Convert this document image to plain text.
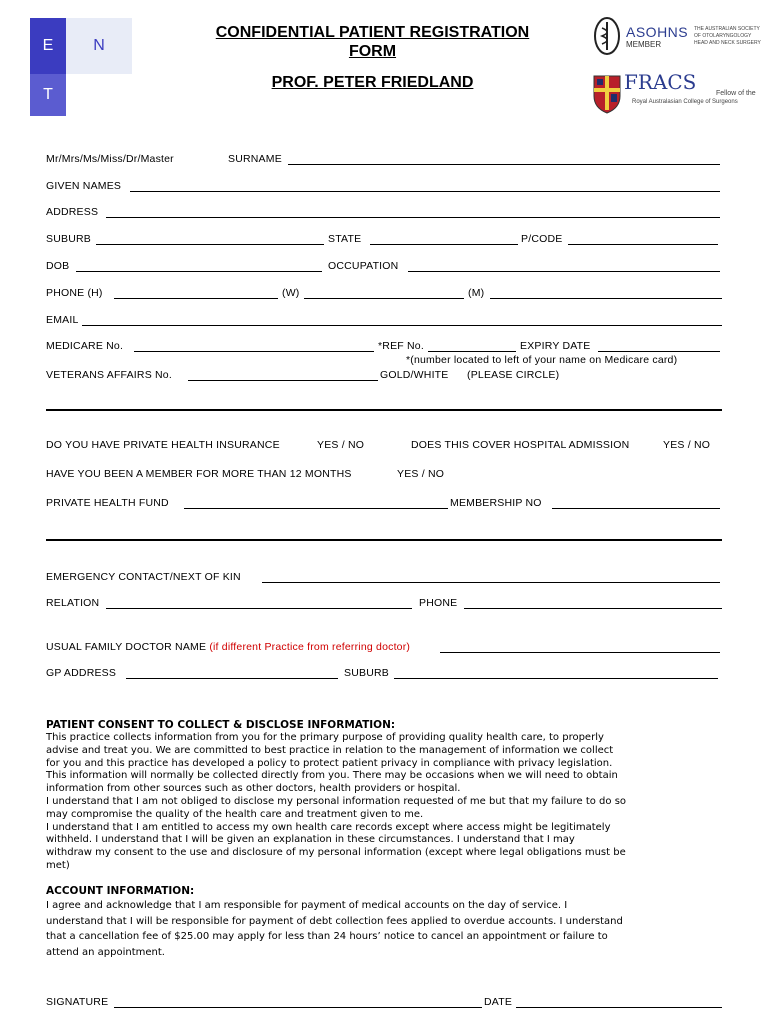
E	N
T
CONFIDENTIAL PATIENT REGISTRATION
FORM
PROF. PETER FRIEDLAND
ASOHNS
MEMBER
THE AUSTRALIAN SOCIETY
OF OTOLARYNGOLOGY
HEAD AND NECK SURGERY
FRACS	Fellow of the
Royal Australasian College of Surgeons
Mr/Mrs/Ms/Miss/Dr/Master	SURNAME
GIVEN NAMES
ADDRESS
SUBURB	STATE	P/CODE
DOB	OCCUPATION
PHONE (H)	(W)	(M)
EMAIL
MEDICARE No.	*REF No.	EXPIRY DATE
*(number located to left of your name on Medicare card)
VETERANS AFFAIRS No.	GOLD/WHITE (PLEASE CIRCLE)
DO YOU HAVE PRIVATE HEALTH INSURANCE	YES / NO	DOES THIS COVER HOSPITAL ADMISSION	YES / NO
HAVE YOU BEEN A MEMBER FOR MORE THAN 12 MONTHS	YES / NO
PRIVATE HEALTH FUND	MEMBERSHIP NO
EMERGENCY CONTACT/NEXT OF KIN
RELATION	PHONE
USUAL FAMILY DOCTOR NAME (if different Practice from referring doctor)
GP ADDRESS	SUBURB
PATIENT CONSENT TO COLLECT & DISCLOSE INFORMATION:
This practice collects information from you for the primary purpose of providing quality health care, to properly
advise and treat you. We are committed to best practice in relation to the management of information we collect
for you and this practice has developed a policy to protect patient privacy in compliance with privacy legislation.
This information will normally be collected directly from you. There may be occasions when we will need to obtain
information from other sources such as other doctors, health providers or hospital.
I understand that I am not obliged to disclose my personal information requested of me but that my failure to do so
may compromise the quality of the health care and treatment given to me.
I understand that I am entitled to access my own health care records except where access might be legitimately
withheld. I understand that I will be given an explanation in these circumstances. I understand that I may
withdraw my consent to the use and disclosure of my personal information (except where legal obligations must be
met)
ACCOUNT INFORMATION:
I agree and acknowledge that I am responsible for payment of medical accounts on the day of service. I
understand that I will be responsible for payment of debt collection fees applied to overdue accounts. I understand
that a cancellation fee of $25.00 may apply for less than 24 hours’ notice to cancel an appointment or failure to
attend an appointment.
SIGNATURE	DATE
